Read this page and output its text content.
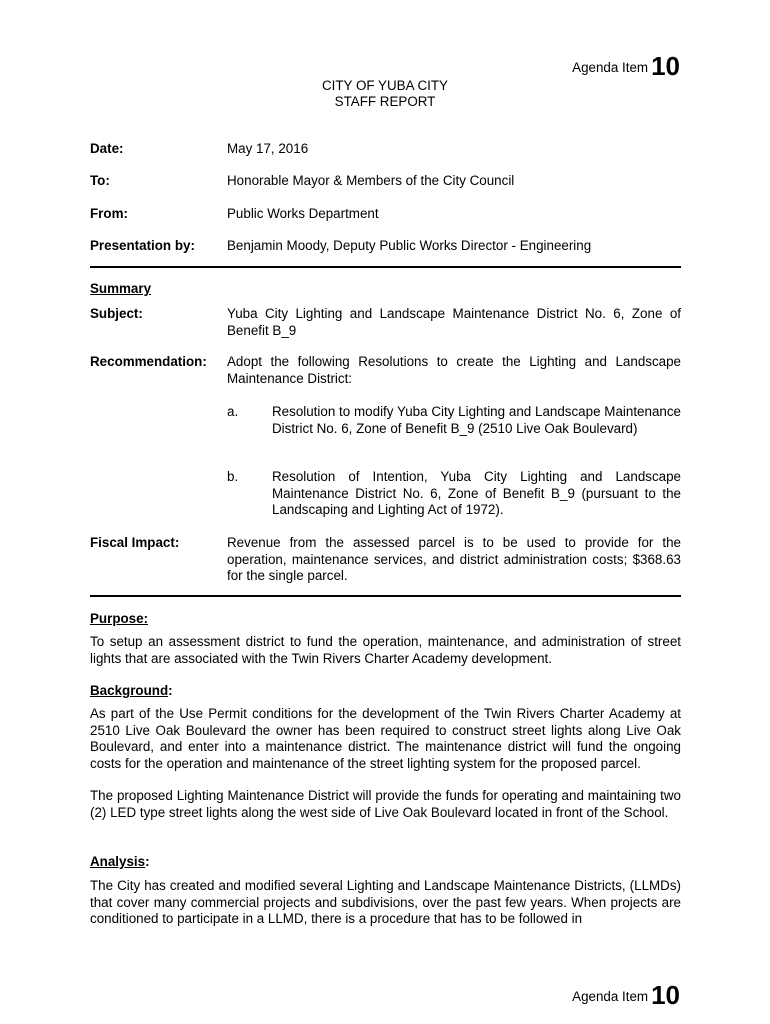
Agenda Item 10
CITY OF YUBA CITY
STAFF REPORT
Date:	May 17, 2016
To:	Honorable Mayor & Members of the City Council
From:	Public Works Department
Presentation by: Benjamin Moody, Deputy Public Works Director - Engineering
Summary
Subject:	Yuba City Lighting and Landscape Maintenance District No. 6, Zone of Benefit B_9
Recommendation: Adopt the following Resolutions to create the Lighting and Landscape Maintenance District:
a.	Resolution to modify Yuba City Lighting and Landscape Maintenance District No. 6, Zone of Benefit B_9 (2510 Live Oak Boulevard)
b.	Resolution of Intention, Yuba City Lighting and Landscape Maintenance District No. 6, Zone of Benefit B_9 (pursuant to the Landscaping and Lighting Act of 1972).
Fiscal Impact:	Revenue from the assessed parcel is to be used to provide for the operation, maintenance services, and district administration costs; $368.63 for the single parcel.
Purpose:
To setup an assessment district to fund the operation, maintenance, and administration of street lights that are associated with the Twin Rivers Charter Academy development.
Background:
As part of the Use Permit conditions for the development of the Twin Rivers Charter Academy at 2510 Live Oak Boulevard the owner has been required to construct street lights along Live Oak Boulevard, and enter into a maintenance district. The maintenance district will fund the ongoing costs for the operation and maintenance of the street lighting system for the proposed parcel.
The proposed Lighting Maintenance District will provide the funds for operating and maintaining two (2) LED type street lights along the west side of Live Oak Boulevard located in front of the School.
Analysis:
The City has created and modified several Lighting and Landscape Maintenance Districts, (LLMDs) that cover many commercial projects and subdivisions, over the past few years. When projects are conditioned to participate in a LLMD, there is a procedure that has to be followed in
Agenda Item 10
